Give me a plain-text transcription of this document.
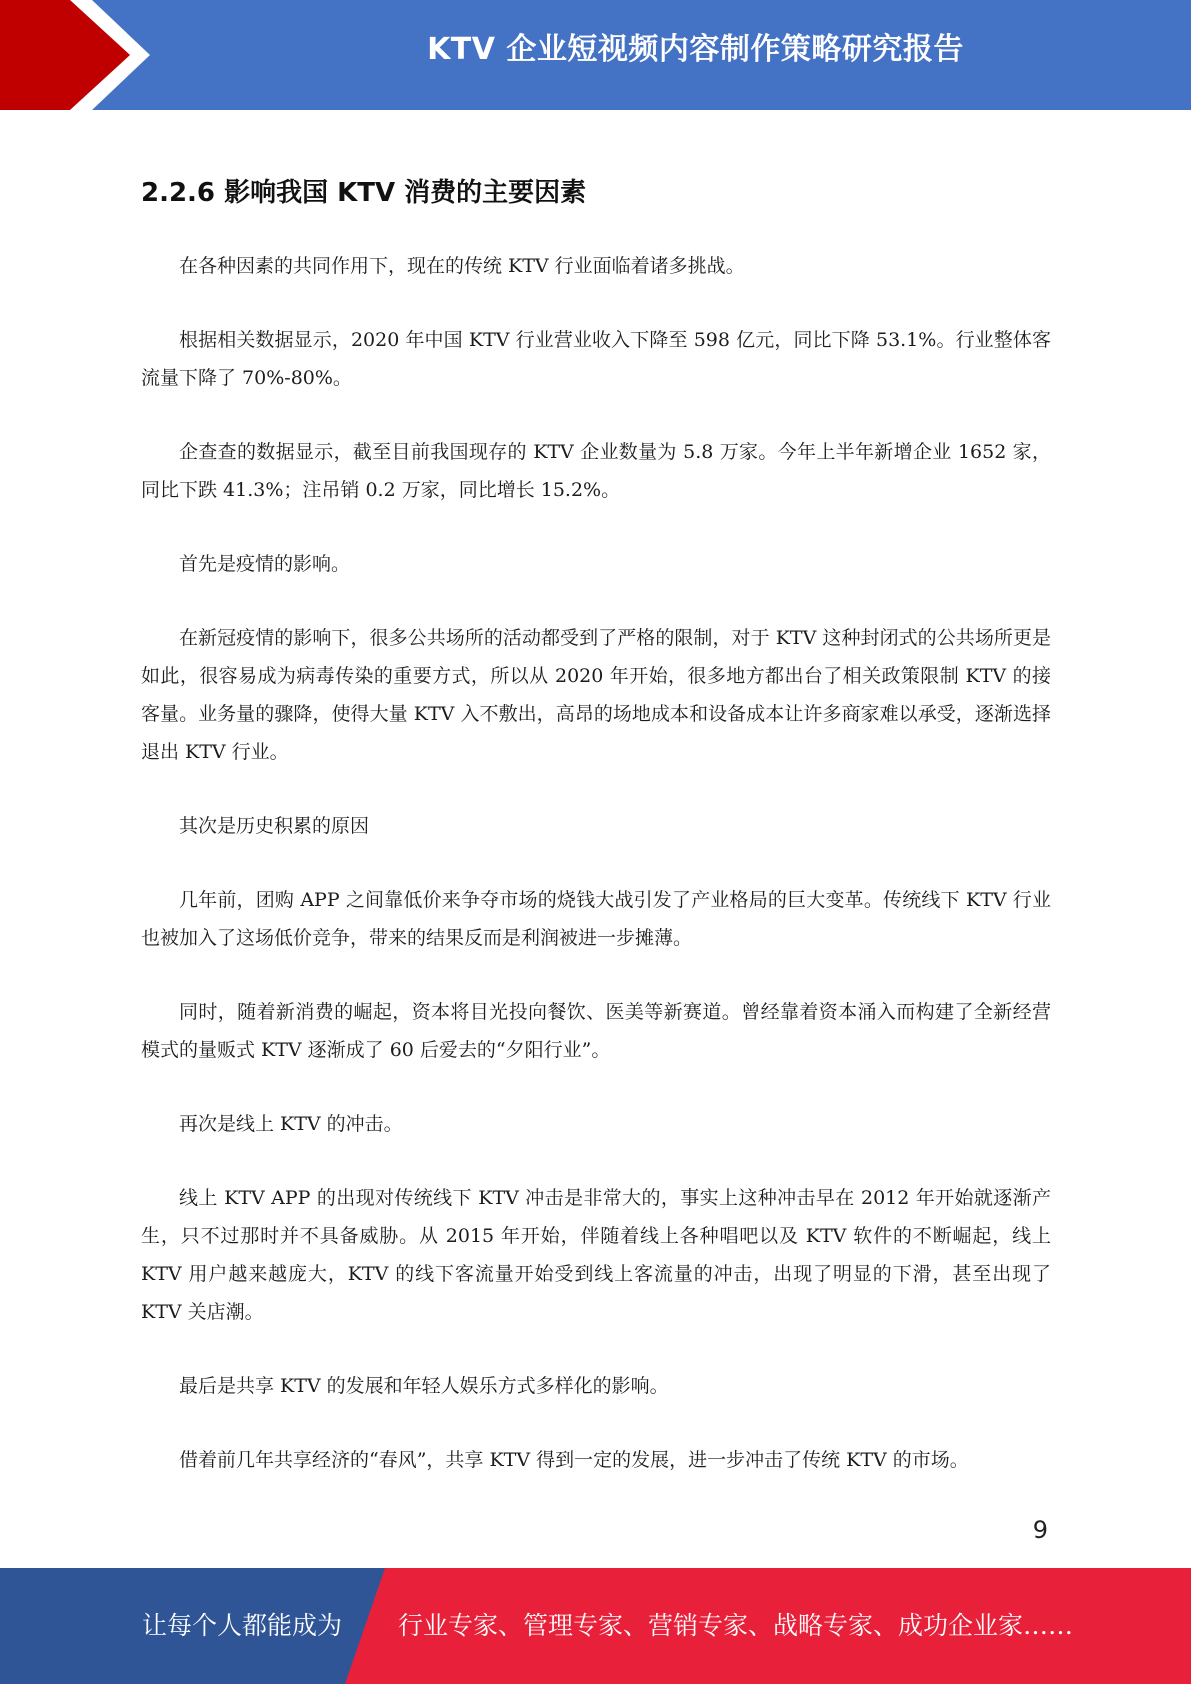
KTV 企业短视频内容制作策略研究报告
2.2.6 影响我国 KTV 消费的主要因素

在各种因素的共同作用下，现在的传统 KTV 行业面临着诸多挑战。

根据相关数据显示，2020 年中国 KTV 行业营业收入下降至 598 亿元，同比下降 53.1%。行业整体客流量下降了 70%-80%。

企查查的数据显示，截至目前我国现存的 KTV 企业数量为 5.8 万家。今年上半年新增企业 1652 家，同比下跌 41.3%；注吊销 0.2 万家，同比增长 15.2%。

首先是疫情的影响。

在新冠疫情的影响下，很多公共场所的活动都受到了严格的限制，对于 KTV 这种封闭式的公共场所更是如此，很容易成为病毒传染的重要方式，所以从 2020 年开始，很多地方都出台了相关政策限制 KTV 的接客量。业务量的骤降，使得大量 KTV 入不敷出，高昂的场地成本和设备成本让许多商家难以承受，逐渐选择退出 KTV 行业。

其次是历史积累的原因

几年前，团购 APP 之间靠低价来争夺市场的烧钱大战引发了产业格局的巨大变革。传统线下 KTV 行业也被加入了这场低价竞争，带来的结果反而是利润被进一步摊薄。

同时，随着新消费的崛起，资本将目光投向餐饮、医美等新赛道。曾经靠着资本涌入而构建了全新经营模式的量贩式 KTV 逐渐成了 60 后爱去的“夕阳行业”。

再次是线上 KTV 的冲击。

线上 KTV APP 的出现对传统线下 KTV 冲击是非常大的，事实上这种冲击早在 2012 年开始就逐渐产生，只不过那时并不具备威胁。从 2015 年开始，伴随着线上各种唱吧以及 KTV 软件的不断崛起，线上 KTV 用户越来越庞大，KTV 的线下客流量开始受到线上客流量的冲击，出现了明显的下滑，甚至出现了 KTV 关店潮。

最后是共享 KTV 的发展和年轻人娱乐方式多样化的影响。

借着前几年共享经济的“春风”，共享 KTV 得到一定的发展，进一步冲击了传统 KTV 的市场。

9
让每个人都能成为 行业专家、管理专家、营销专家、战略专家、成功企业家……
